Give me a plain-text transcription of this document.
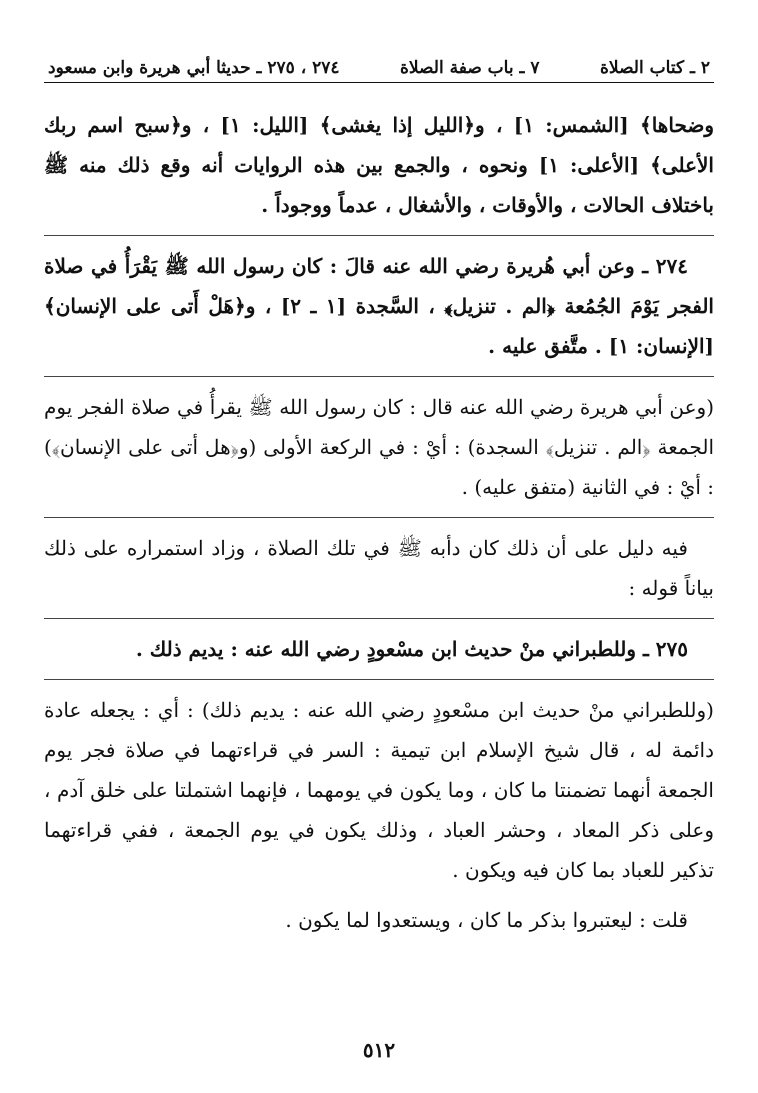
٢ ـ كتاب الصلاة
٧ ـ باب صفة الصلاة
٢٧٤ ، ٢٧٥ ـ حديثا أبي هريرة وابن مسعود

وضحاها﴾ [الشمس: ١] ، و﴿الليل إذا يغشى﴾ [الليل: ١] ، و﴿سبح اسم ربك الأعلى﴾ [الأعلى: ١] ونحوه ، والجمع بين هذه الروايات أنه وقع ذلك منه ﷺ باختلاف الحالات ، والأوقات ، والأشغال ، عدماً ووجوداً .

٢٧٤ ـ وعن أبي هُريرة رضي الله عنه قالَ : كان رسول الله ﷺ يَقْرَأُ في صلاة الفجر يَوْمَ الجُمُعة ﴿الم . تنزيل﴾ ، السَّجدة [١ ـ ٢] ، و﴿هَلْ أَتى على الإنسان﴾ [الإنسان: ١] . متَّفق عليه .

(وعن أبي هريرة رضي الله عنه قال : كان رسول الله ﷺ يقرأُ في صلاة الفجر يوم الجمعة ﴿الم . تنزيل﴾ السجدة) : أيْ : في الركعة الأولى (و﴿هل أتى على الإنسان﴾) : أيْ : في الثانية (متفق عليه) .

فيه دليل على أن ذلك كان دأبه ﷺ في تلك الصلاة ، وزاد استمراره على ذلك بياناً قوله :

٢٧٥ ـ وللطبراني منْ حديث ابن مسْعودٍ رضي الله عنه : يديم ذلك .

(وللطبراني منْ حديث ابن مسْعودٍ رضي الله عنه : يديم ذلك) : أي : يجعله عادة دائمة له ، قال شيخ الإسلام ابن تيمية : السر في قراءتهما في صلاة فجر يوم الجمعة أنهما تضمنتا ما كان ، وما يكون في يومهما ، فإنهما اشتملتا على خلق آدم ، وعلى ذكر المعاد ، وحشر العباد ، وذلك يكون في يوم الجمعة ، ففي قراءتهما تذكير للعباد بما كان فيه ويكون .

قلت : ليعتبروا بذكر ما كان ، ويستعدوا لما يكون .

٥١٢
